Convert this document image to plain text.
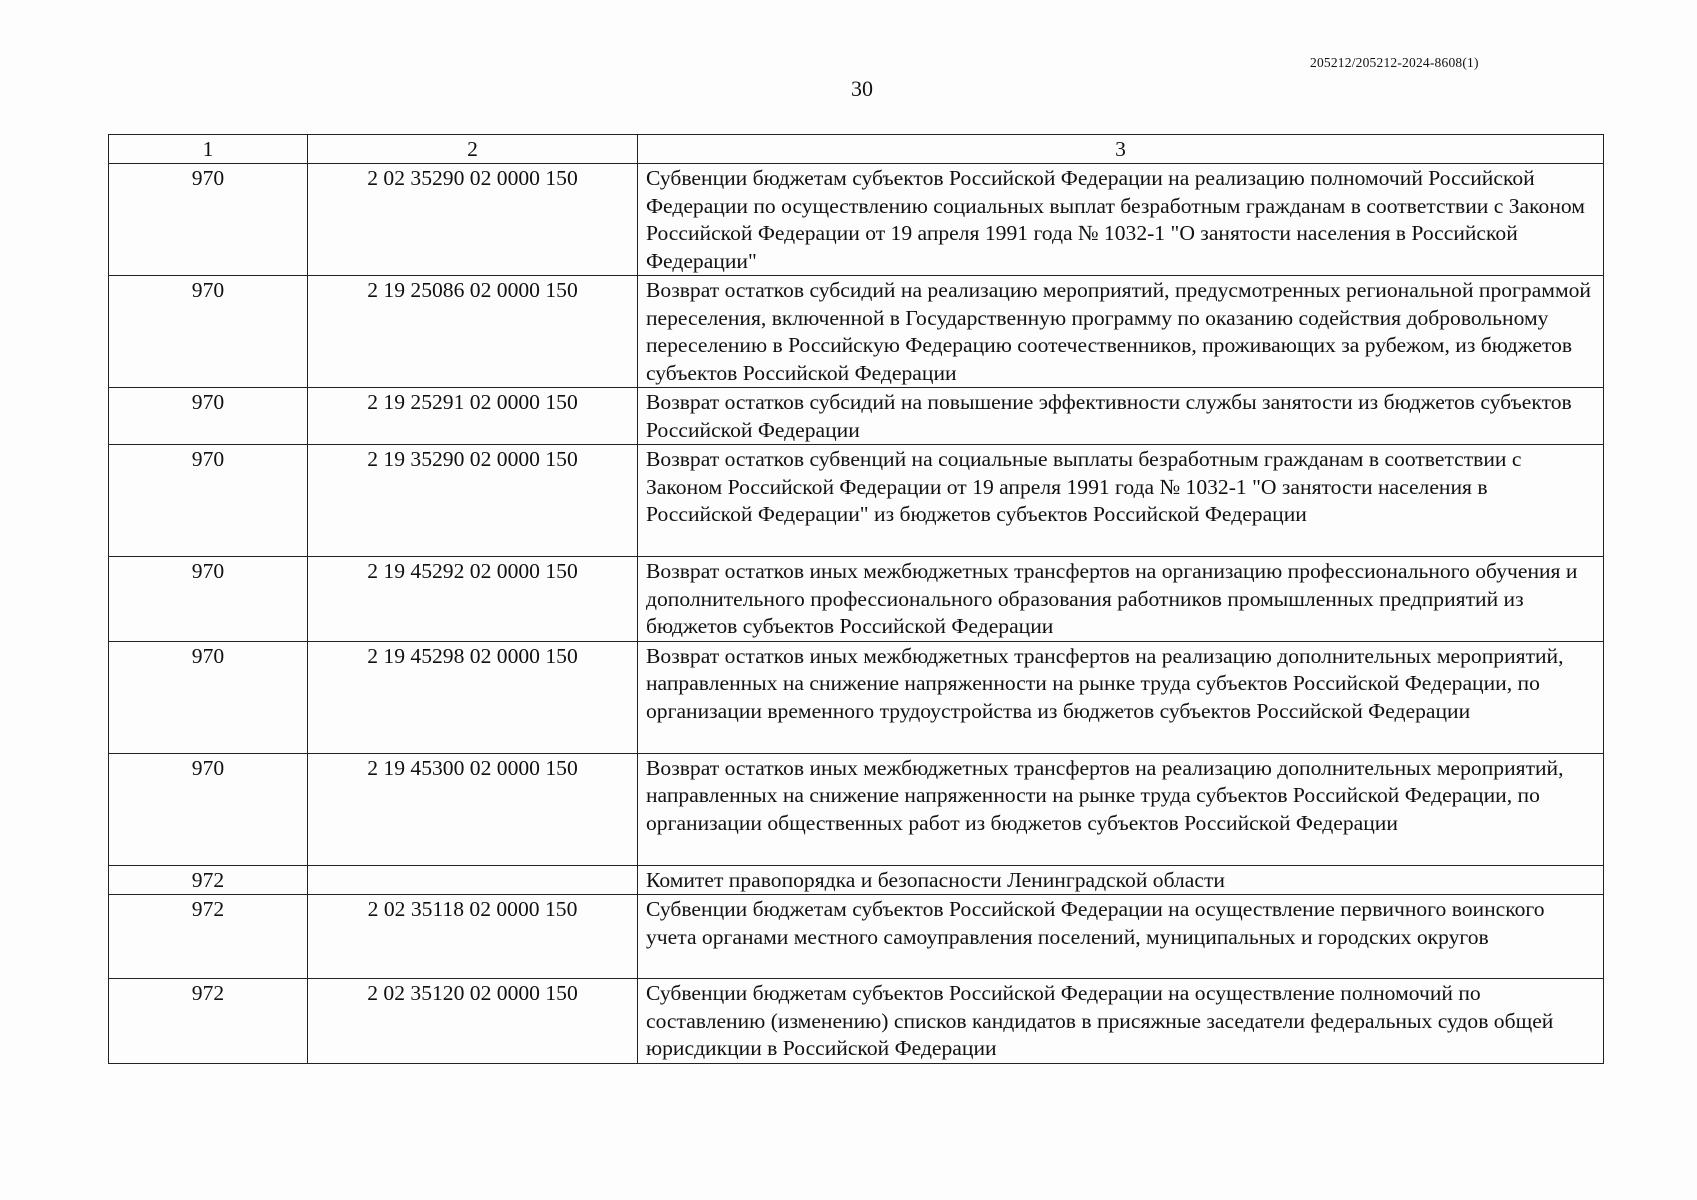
205212/205212-2024-8608(1)
30
1	2	3
970	2 02 35290 02 0000 150	Субвенции бюджетам субъектов Российской Федерации на реализацию полномочий Российской Федерации по осуществлению социальных выплат безработным гражданам в соответствии с Законом Российской Федерации от 19 апреля 1991 года № 1032-1 "О занятости населения в Российской Федерации"
970	2 19 25086 02 0000 150	Возврат остатков субсидий на реализацию мероприятий, предусмотренных региональной программой переселения, включенной в Государственную программу по оказанию содействия добровольному переселению в Российскую Федерацию соотечественников, проживающих за рубежом, из бюджетов субъектов Российской Федерации
970	2 19 25291 02 0000 150	Возврат остатков субсидий на повышение эффективности службы занятости из бюджетов субъектов Российской Федерации
970	2 19 35290 02 0000 150	Возврат остатков субвенций на социальные выплаты безработным гражданам в соответствии с Законом Российской Федерации от 19 апреля 1991 года № 1032-1 "О занятости населения в Российской Федерации" из бюджетов субъектов Российской Федерации
970	2 19 45292 02 0000 150	Возврат остатков иных межбюджетных трансфертов на организацию профессионального обучения и дополнительного профессионального образования работников промышленных предприятий из бюджетов субъектов Российской Федерации
970	2 19 45298 02 0000 150	Возврат остатков иных межбюджетных трансфертов на реализацию дополнительных мероприятий, направленных на снижение напряженности на рынке труда субъектов Российской Федерации, по организации временного трудоустройства из бюджетов субъектов Российской Федерации
970	2 19 45300 02 0000 150	Возврат остатков иных межбюджетных трансфертов на реализацию дополнительных мероприятий, направленных на снижение напряженности на рынке труда субъектов Российской Федерации, по организации общественных работ из бюджетов субъектов Российской Федерации
972		Комитет правопорядка и безопасности Ленинградской области
972	2 02 35118 02 0000 150	Субвенции бюджетам субъектов Российской Федерации на осуществление первичного воинского учета органами местного самоуправления поселений, муниципальных и городских округов
972	2 02 35120 02 0000 150	Субвенции бюджетам субъектов Российской Федерации на осуществление полномочий по составлению (изменению) списков кандидатов в присяжные заседатели федеральных судов общей юрисдикции в Российской Федерации
